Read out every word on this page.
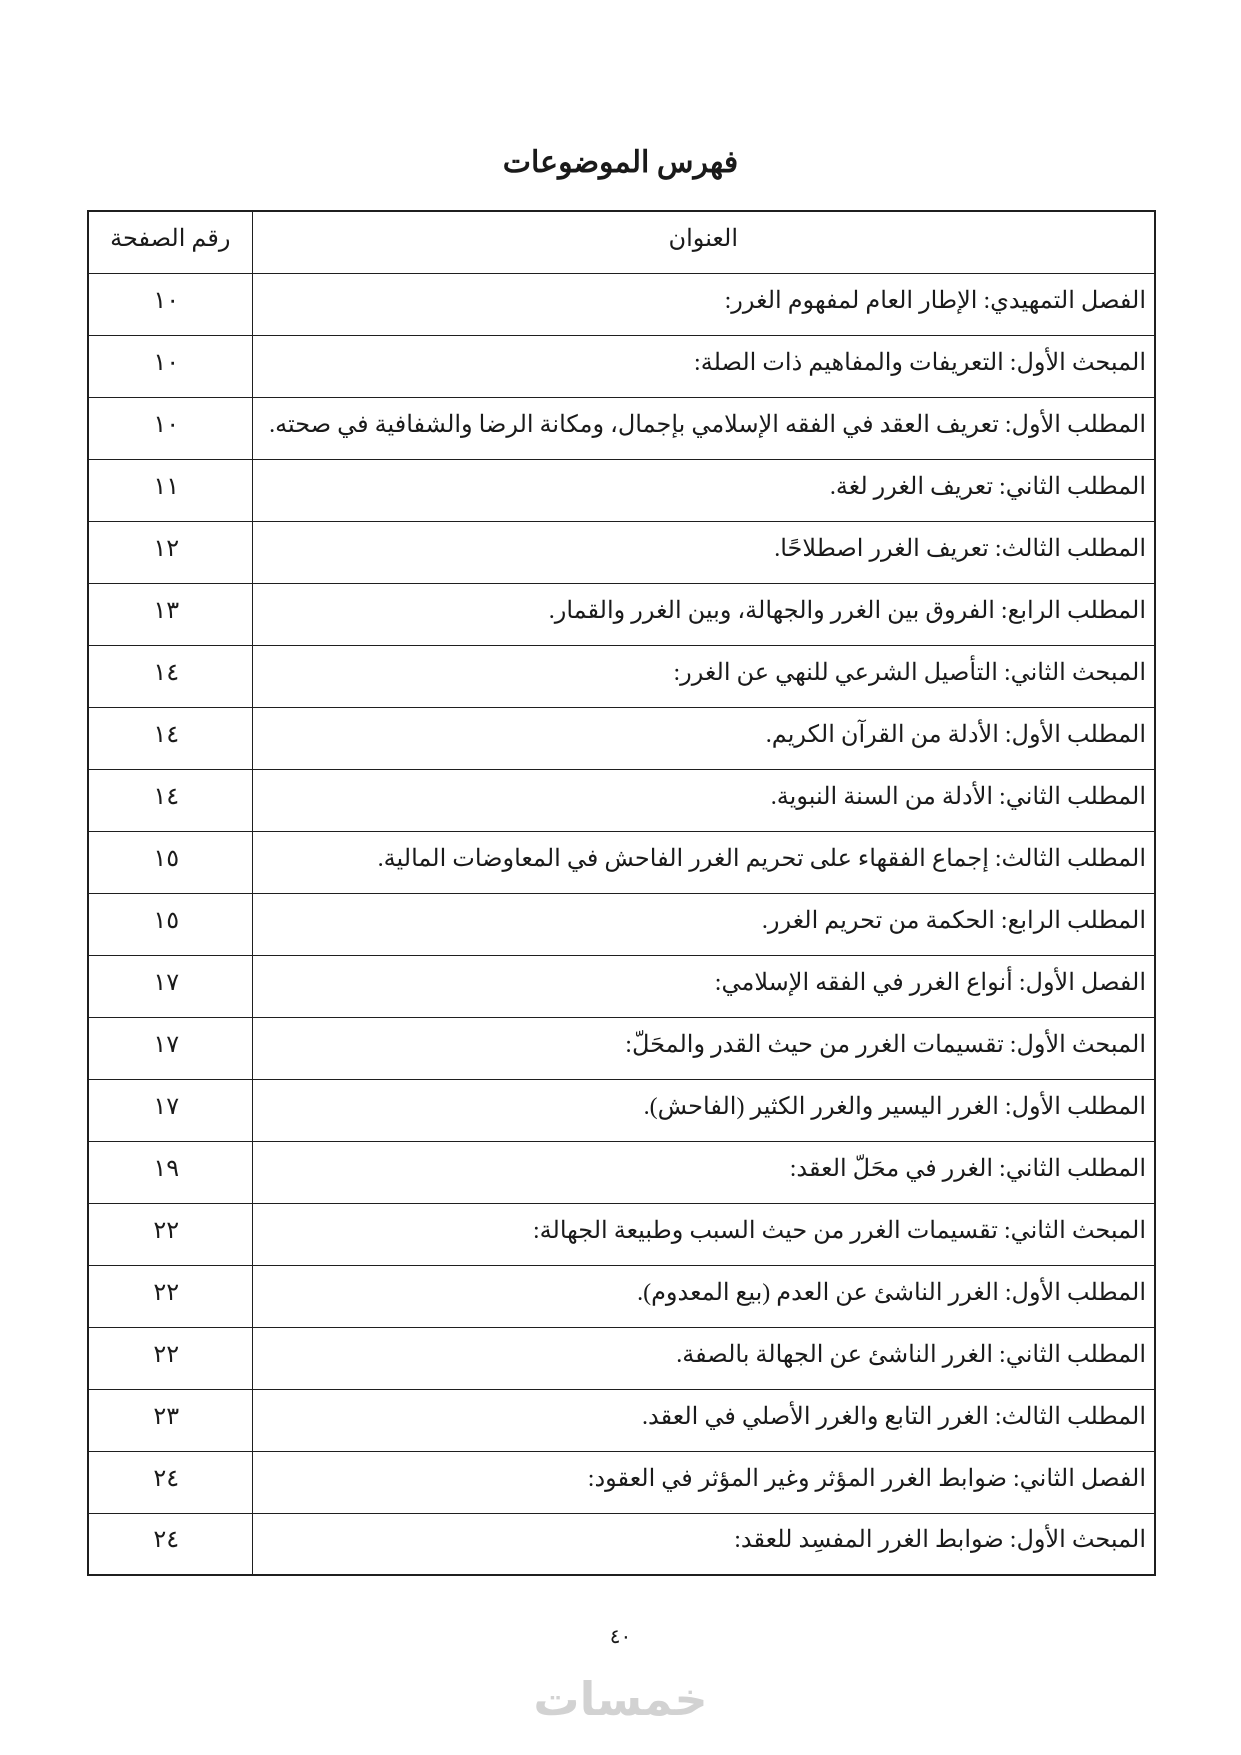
فهرس الموضوعات
العنوان	رقم الصفحة
الفصل التمهيدي: الإطار العام لمفهوم الغرر:	١٠
المبحث الأول: التعريفات والمفاهيم ذات الصلة:	١٠
المطلب الأول: تعريف العقد في الفقه الإسلامي بإجمال، ومكانة الرضا والشفافية في صحته.	١٠
المطلب الثاني: تعريف الغرر لغة.	١١
المطلب الثالث: تعريف الغرر اصطلاحًا.	١٢
المطلب الرابع: الفروق بين الغرر والجهالة، وبين الغرر والقمار.	١٣
المبحث الثاني: التأصيل الشرعي للنهي عن الغرر:	١٤
المطلب الأول: الأدلة من القرآن الكريم.	١٤
المطلب الثاني: الأدلة من السنة النبوية.	١٤
المطلب الثالث: إجماع الفقهاء على تحريم الغرر الفاحش في المعاوضات المالية.	١٥
المطلب الرابع: الحكمة من تحريم الغرر.	١٥
الفصل الأول: أنواع الغرر في الفقه الإسلامي:	١٧
المبحث الأول: تقسيمات الغرر من حيث القدر والمحَلّ:	١٧
المطلب الأول: الغرر اليسير والغرر الكثير (الفاحش).	١٧
المطلب الثاني: الغرر في محَلّ العقد:	١٩
المبحث الثاني: تقسيمات الغرر من حيث السبب وطبيعة الجهالة:	٢٢
المطلب الأول: الغرر الناشئ عن العدم (بيع المعدوم).	٢٢
المطلب الثاني: الغرر الناشئ عن الجهالة بالصفة.	٢٢
المطلب الثالث: الغرر التابع والغرر الأصلي في العقد.	٢٣
الفصل الثاني: ضوابط الغرر المؤثر وغير المؤثر في العقود:	٢٤
المبحث الأول: ضوابط الغرر المفسِد للعقد:	٢٤
٤٠
خمسات
